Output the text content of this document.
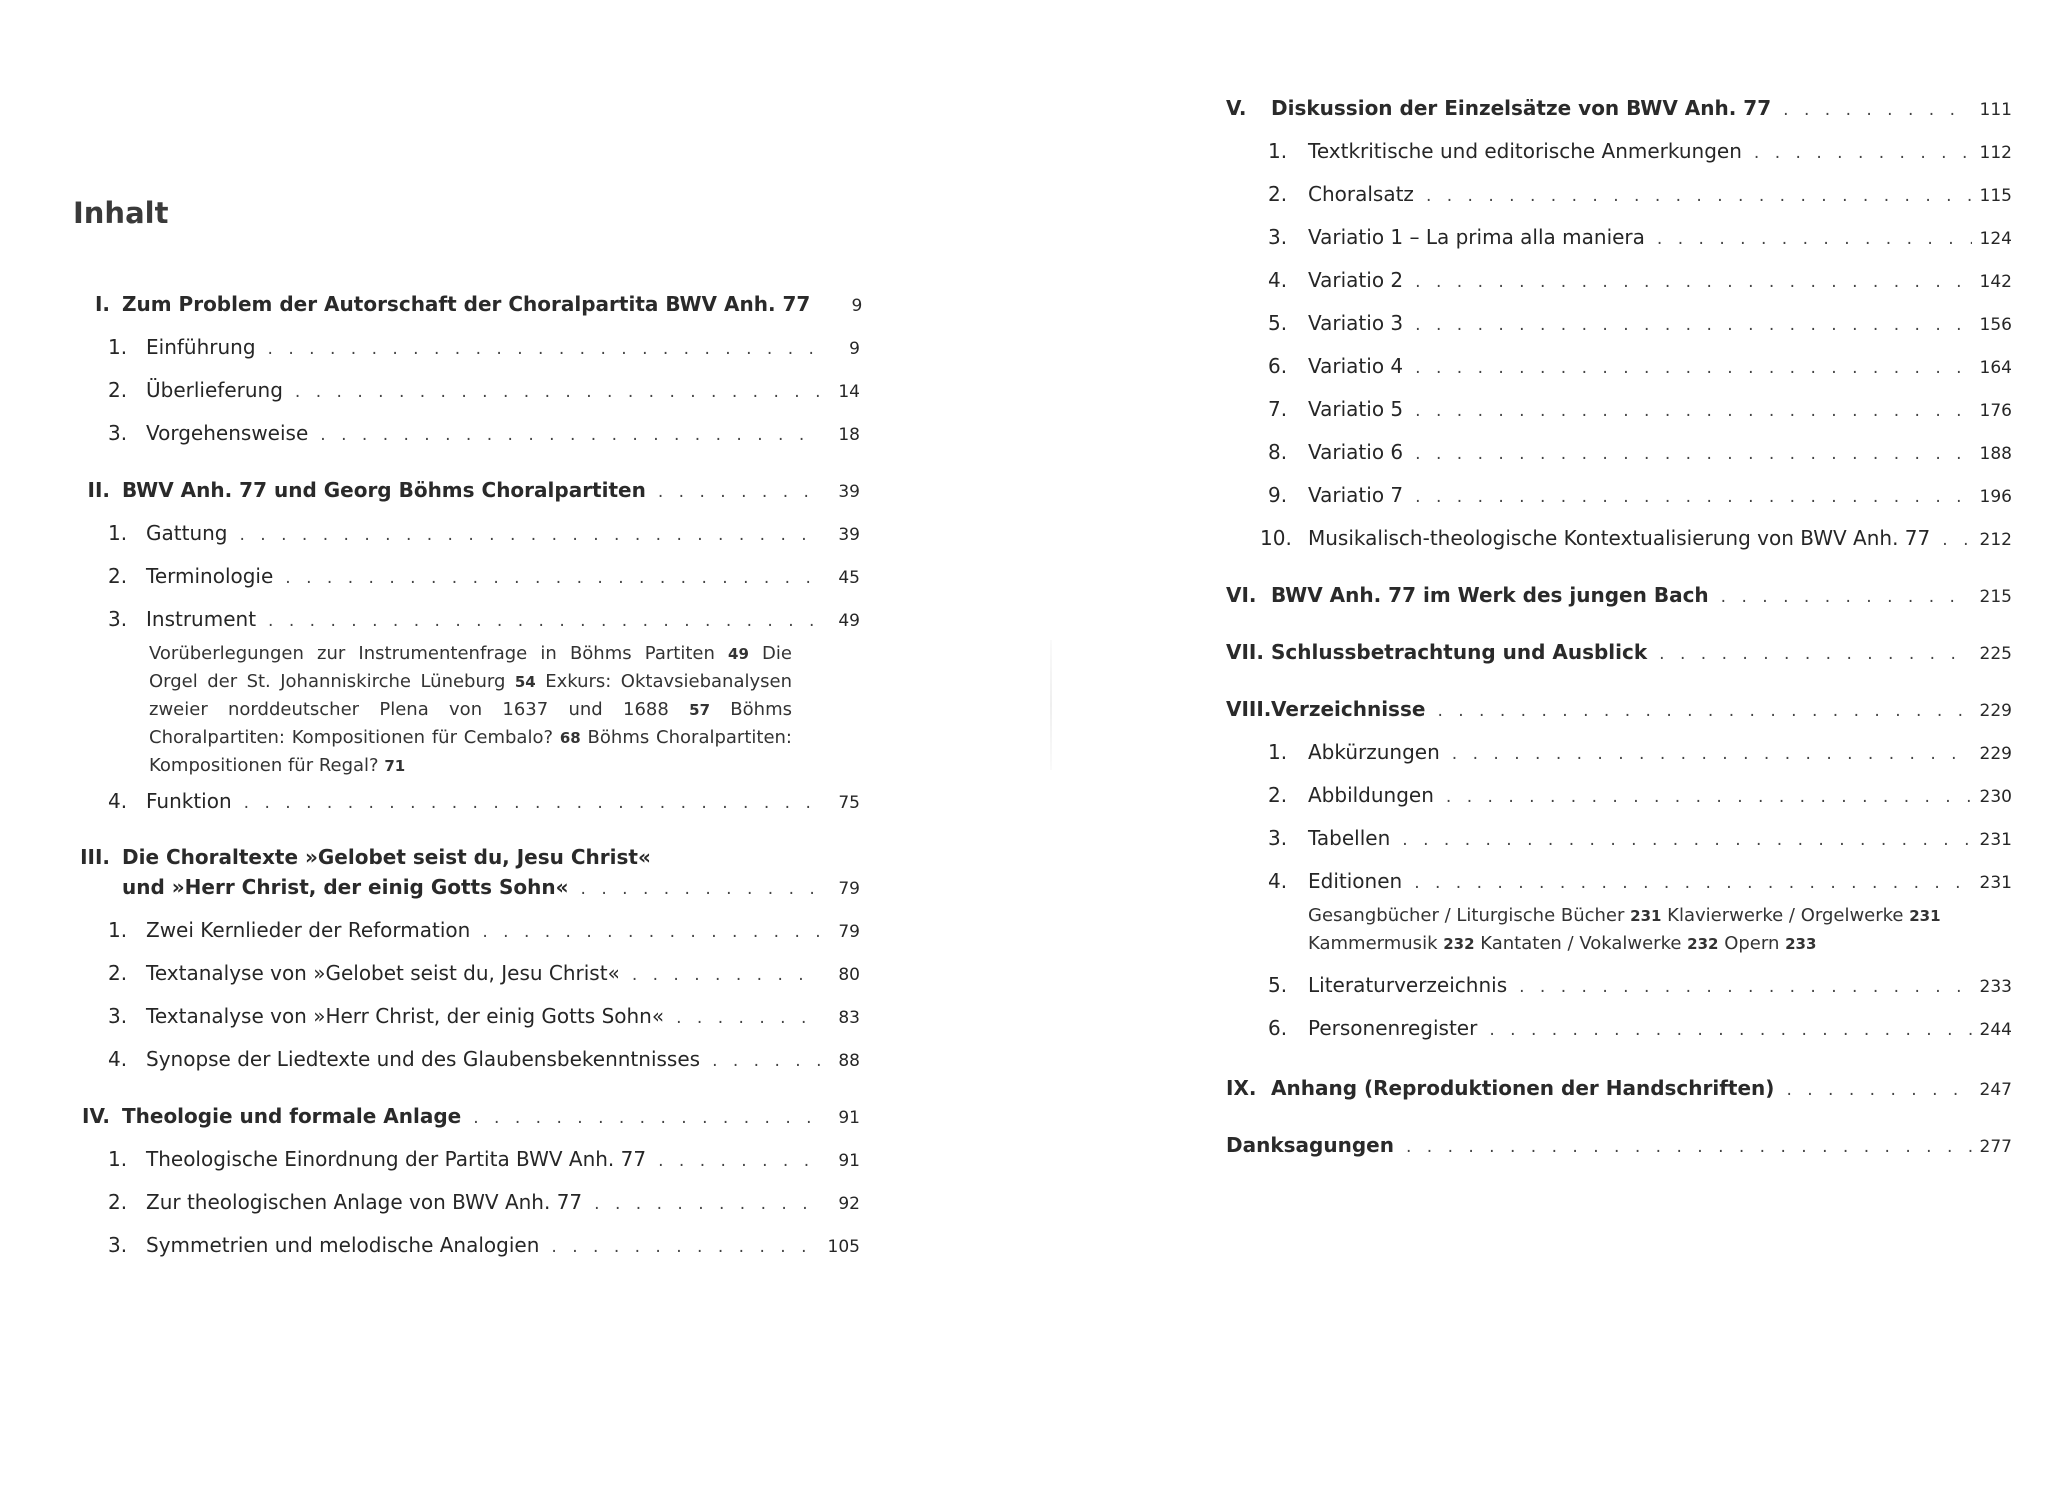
Inhalt
I. Zum Problem der Autorschaft der Choralpartita BWV Anh. 77	9
1. Einführung . . .	9
2. Überlieferung . . .	14
3. Vorgehensweise . . .	18
II. BWV Anh. 77 und Georg Böhms Choralpartiten . . .	39
1. Gattung . . .	39
2. Terminologie . . .	45
3. Instrument . . .	49

Vorüberlegungen zur Instrumentenfrage in Böhms Partiten 49 Die Orgel der St. Johanniskirche Lüneburg 54 Exkurs: Oktavsiebanalysen zweier norddeutscher Plena von 1637 und 1688 57 Böhms Choralpartiten: Kompositionen für Cembalo? 68 Böhms Choralpartiten: Kompositionen für Regal? 71

4. Funktion . . .	75
III. Die Choraltexte »Gelobet seist du, Jesu Christ«
und »Herr Christ, der einig Gotts Sohn« . . .	79
1. Zwei Kernlieder der Reformation . . .	79
2. Textanalyse von »Gelobet seist du, Jesu Christ« . . .	80
3. Textanalyse von »Herr Christ, der einig Gotts Sohn« . . .	83
4. Synopse der Liedtexte und des Glaubensbekenntnisses . . .	88
IV. Theologie und formale Anlage . . .	91
1. Theologische Einordnung der Partita BWV Anh. 77 . . .	91
2. Zur theologischen Anlage von BWV Anh. 77 . . .	92
3. Symmetrien und melodische Analogien . . .	105
V.	Diskussion der Einzelsätze von BWV Anh. 77 . . .	111
1.	Textkritische und editorische Anmerkungen . . .	112
2.	Choralsatz . . .	115
3.	Variatio 1 – La prima alla maniera . . .	124
4.	Variatio 2 . . .	142
5.	Variatio 3 . . .	156
6.	Variatio 4 . . .	164
7.	Variatio 5 . . .	176
8.	Variatio 6 . . .	188
9.	Variatio 7 . . .	196
10. Musikalisch-theologische Kontextualisierung von BWV Anh. 77 . . .	212
VI. BWV Anh. 77 im Werk des jungen Bach . . .	215
VII. Schlussbetrachtung und Ausblick . . .	225
VIII. Verzeichnisse . . .	229
1.	Abkürzungen . . .	229
2.	Abbildungen . . .	230
3.	Tabellen . . .	231
4.	Editionen . . .	231

Gesangbücher / Liturgische Bücher 231 Klavierwerke / Orgelwerke 231
Kammermusik 232 Kantaten / Vokalwerke 232 Opern 233

5.	Literaturverzeichnis . . .	233
6.	Personenregister . . .	244
IX. Anhang (Reproduktionen der Handschriften) . . .	247
Danksagungen . . .	277
